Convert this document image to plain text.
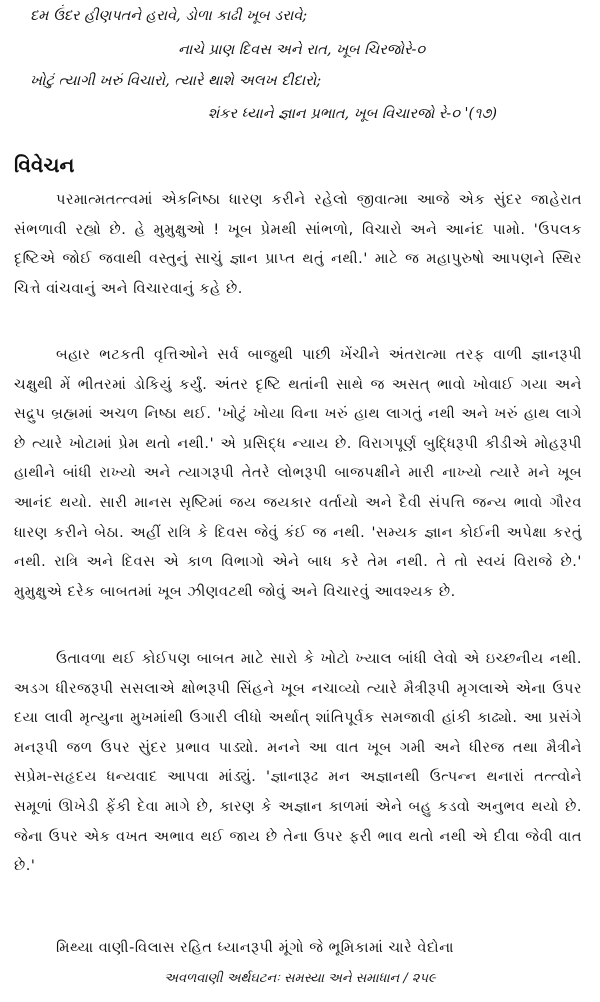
દમ ઉંદર હીણપતને હરાવે, ડોળા કાઢી ખૂબ ડરાવે;
નાચે પ્રાણ દિવસ અને રાત, ખૂબ ચિરજોરે-૦
ખોટું ત્યાગી ખરું વિચારો, ત્યારે થાશે અલખ દીદારો;
શંકર ધ્યાને જ્ઞાન પ્રભાત, ખૂબ વિચારજો રે-૦ '(૧૭)
વિવેચન

પરમાત્મતત્ત્વમાં એકનિષ્ઠા ધારણ કરીને રહેલો જીવાત્મા આજે એક સુંદર જાહેરાત સંભળાવી રહ્યો છે. હે મુમુક્ષુઓ ! ખૂબ પ્રેમથી સાંભળો, વિચારો અને આનંદ પામો. 'ઉપલક દૃષ્ટિએ જોઈ જવાથી વસ્તુનું સાચું જ્ઞાન પ્રાપ્ત થતું નથી.' માટે જ મહાપુરુષો આપણને સ્થિર ચિત્તે વાંચવાનું અને વિચારવાનું કહે છે.

બહાર ભટકતી વૃત્તિઓને સર્વ બાજુથી પાછી ખેંચીને અંતરાત્મા તરફ વાળી જ્ઞાનરૂપી ચક્ષુથી મેં ભીતરમાં ડોકિયું કર્યું. અંતર દૃષ્ટિ થતાંની સાથે જ અસત્ ભાવો ખોવાઈ ગયા અને સદ્રુપ બ્રહ્મમાં અચળ નિષ્ઠા થઈ. 'ખોટું ખોયા વિના ખરું હાથ લાગતું નથી અને ખરું હાથ લાગે છે ત્યારે ખોટામાં પ્રેમ થતો નથી.' એ પ્રસિદ્ધ ન્યાય છે. વિરાગપૂર્ણ બુદ્ધિરૂપી કીડીએ મોહરૂપી હાથીને બાંધી રાખ્યો અને ત્યાગરૂપી તેતરે લોભરૂપી બાજપક્ષીને મારી નાખ્યો ત્યારે મને ખૂબ આનંદ થયો. સારી માનસ સૃષ્ટિમાં જય જયકાર વર્તાયો અને દૈવી સંપત્તિ જન્ય ભાવો ગૌરવ ધારણ કરીને બેઠા. અહીં રાત્રિ કે દિવસ જેવું કંઈ જ નથી. 'સમ્યક જ્ઞાન કોઈની અપેક્ષા કરતું નથી. રાત્રિ અને દિવસ એ કાળ વિભાગો એને બાધ કરે તેમ નથી. તે તો સ્વયં વિરાજે છે.' મુમુક્ષુએ દરેક બાબતમાં ખૂબ ઝીણવટથી જોવું અને વિચારવું આવશ્યક છે.

ઉતાવળા થઈ કોઈપણ બાબત માટે સારો કે ખોટો ખ્યાલ બાંધી લેવો એ ઇચ્છનીય નથી. અડગ ધીરજરૂપી સસલાએ ક્ષોભરૂપી સિંહને ખૂબ નચાવ્યો ત્યારે મૈત્રીરૂપી મૃગલાએ એના ઉપર દયા લાવી મૃત્યુના મુખમાંથી ઉગારી લીધો અર્થાત્ શાંતિપૂર્વક સમજાવી હાંકી કાઢ્યો. આ પ્રસંગે મનરૂપી જળ ઉપર સુંદર પ્રભાવ પાડ્યો. મનને આ વાત ખૂબ ગમી અને ધીરજ તથા મૈત્રીને સપ્રેમ-સહૃદય ધન્યવાદ આપવા માંડ્યું. 'જ્ઞાનારૂઢ મન અજ્ઞાનથી ઉત્પન્ન થનારાં તત્ત્વોને સમૂળાં ઊખેડી ફેંકી દેવા માગે છે, કારણ કે અજ્ઞાન કાળમાં એને બહુ કડવો અનુભવ થયો છે. જેના ઉપર એક વખત અભાવ થઈ જાય છે તેના ઉપર ફરી ભાવ થતો નથી એ દીવા જેવી વાત છે.'

મિથ્યા વાણી-વિલાસ રહિત ધ્યાનરૂપી મૂંગો જે ભૂમિકામાં ચારે વેદોના

અવળવાણી અર્થઘટનઃ સમસ્યા અને સમાધાન / ૨૫૯
